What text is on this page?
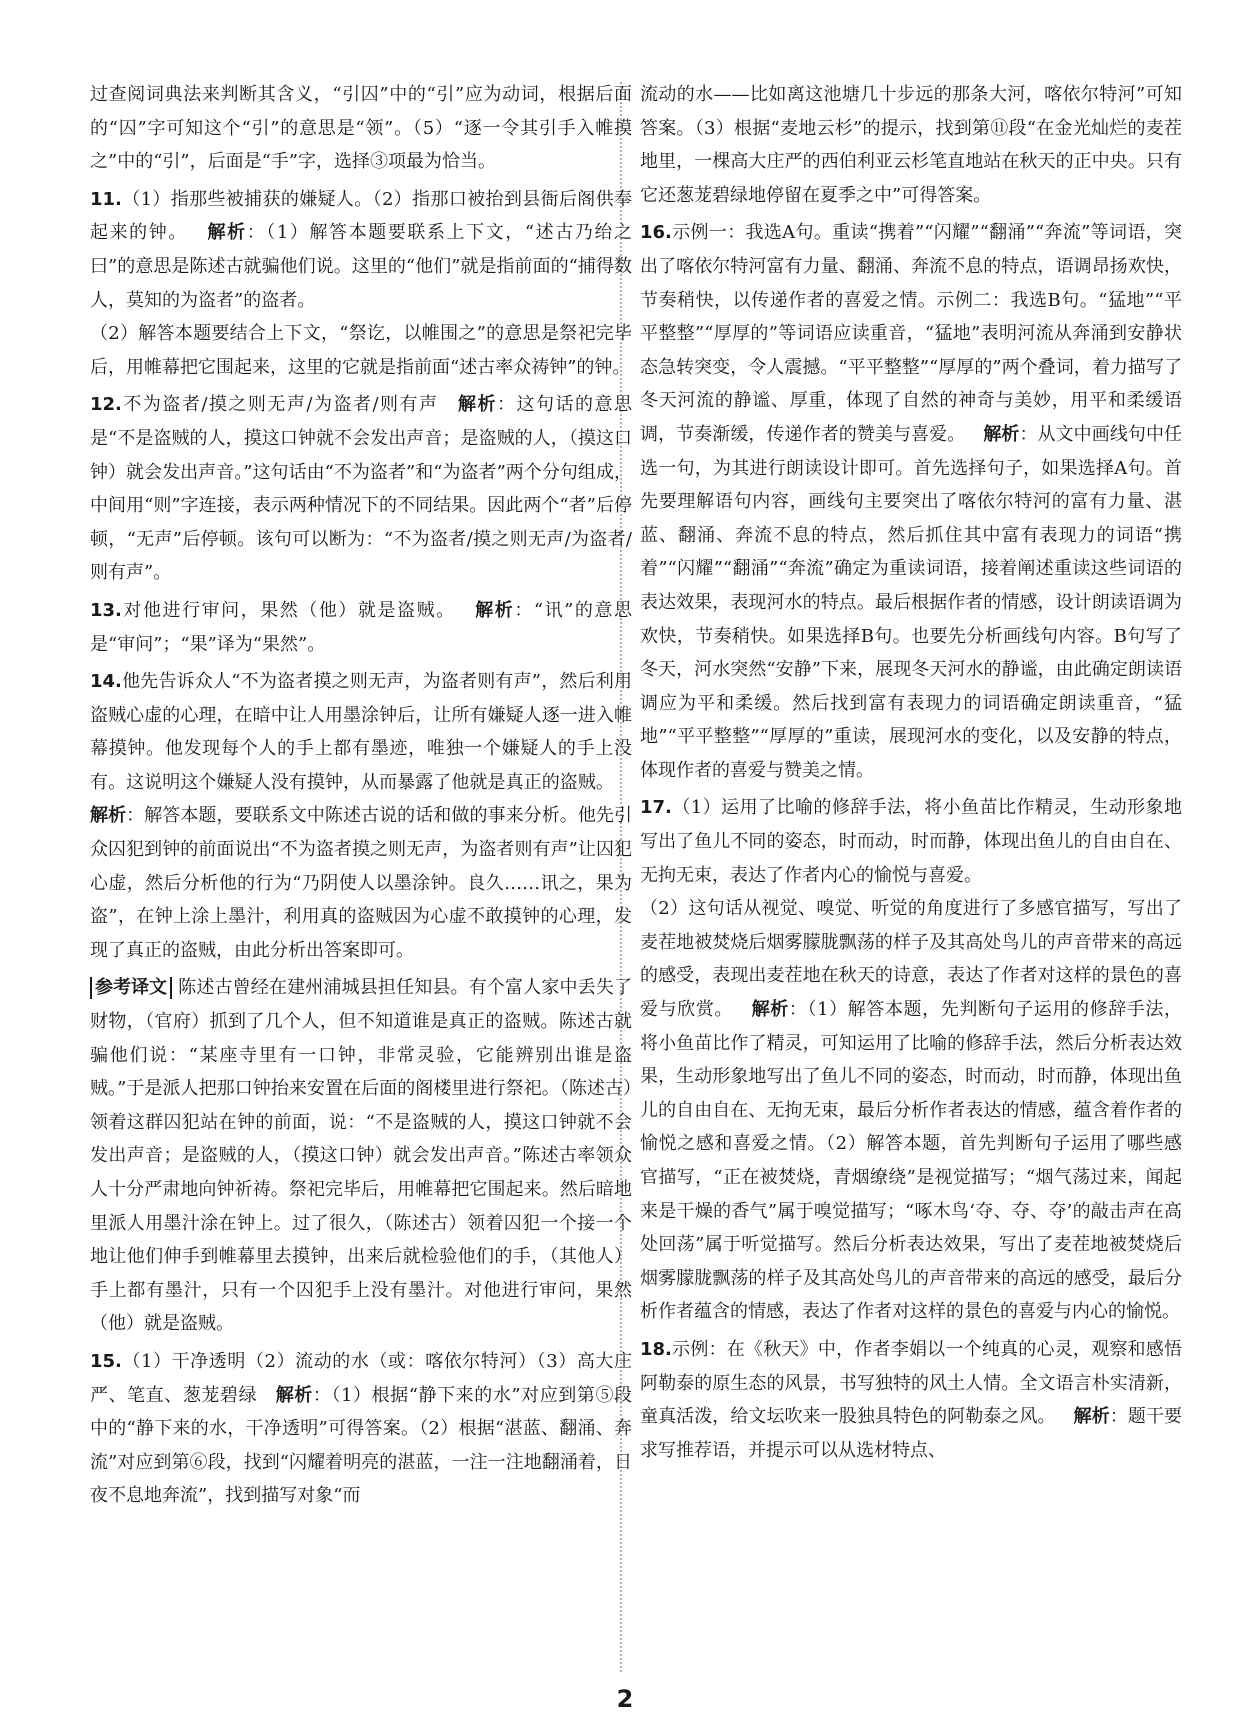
过查阅词典法来判断其含义，“引囚”中的“引”应为动词，根据后面的“囚”字可知这个“引”的意思是“领”。（5）“逐一令其引手入帷摸之”中的“引”，后面是“手”字，选择③项最为恰当。

11.（1）指那些被捕获的嫌疑人。（2）指那口被抬到县衙后阁供奉起来的钟。 解析：（1）解答本题要联系上下文，“述古乃绐之曰”的意思是陈述古就骗他们说。这里的“他们”就是指前面的“捕得数人，莫知的为盗者”的盗者。

（2）解答本题要结合上下文，“祭讫，以帷围之”的意思是祭祀完毕后，用帷幕把它围起来，这里的它就是指前面“述古率众祷钟”的钟。

12.不为盗者/摸之则无声/为盗者/则有声 解析：这句话的意思是“不是盗贼的人，摸这口钟就不会发出声音；是盗贼的人，（摸这口钟）就会发出声音。”这句话由“不为盗者”和“为盗者”两个分句组成，中间用“则”字连接，表示两种情况下的不同结果。因此两个“者”后停顿，“无声”后停顿。该句可以断为：“不为盗者/摸之则无声/为盗者/则有声”。

13.对他进行审问，果然（他）就是盗贼。 解析：“讯”的意思是“审问”；“果”译为“果然”。

14.他先告诉众人“不为盗者摸之则无声，为盗者则有声”，然后利用盗贼心虚的心理，在暗中让人用墨涂钟后，让所有嫌疑人逐一进入帷幕摸钟。他发现每个人的手上都有墨迹，唯独一个嫌疑人的手上没有。这说明这个嫌疑人没有摸钟，从而暴露了他就是真正的盗贼。解析：解答本题，要联系文中陈述古说的话和做的事来分析。他先引众囚犯到钟的前面说出“不为盗者摸之则无声，为盗者则有声”让囚犯心虚，然后分析他的行为“乃阴使人以墨涂钟。良久……讯之，果为盗”，在钟上涂上墨汁，利用真的盗贼因为心虚不敢摸钟的心理，发现了真正的盗贼，由此分析出答案即可。

参考译文 陈述古曾经在建州浦城县担任知县。有个富人家中丢失了财物，（官府）抓到了几个人，但不知道谁是真正的盗贼。陈述古就骗他们说：“某座寺里有一口钟，非常灵验，它能辨别出谁是盗贼。”于是派人把那口钟抬来安置在后面的阁楼里进行祭祀。（陈述古）领着这群囚犯站在钟的前面，说：“不是盗贼的人，摸这口钟就不会发出声音；是盗贼的人，（摸这口钟）就会发出声音。”陈述古率领众人十分严肃地向钟祈祷。祭祀完毕后，用帷幕把它围起来。然后暗地里派人用墨汁涂在钟上。过了很久，（陈述古）领着囚犯一个接一个地让他们伸手到帷幕里去摸钟，出来后就检验他们的手，（其他人）手上都有墨汁，只有一个囚犯手上没有墨汁。对他进行审问，果然（他）就是盗贼。

15.（1）干净透明（2）流动的水（或：喀依尔特河）（3）高大庄严、笔直、葱茏碧绿 解析：（1）根据“静下来的水”对应到第⑤段中的“静下来的水，干净透明”可得答案。（2）根据“湛蓝、翻涌、奔流”对应到第⑥段，找到“闪耀着明亮的湛蓝，一注一注地翻涌着，日夜不息地奔流”，找到描写对象“而

流动的水——比如离这池塘几十步远的那条大河，喀依尔特河”可知答案。（3）根据“麦地云杉”的提示，找到第⑪段“在金光灿烂的麦茬地里，一棵高大庄严的西伯利亚云杉笔直地站在秋天的正中央。只有它还葱茏碧绿地停留在夏季之中”可得答案。

16.示例一：我选A句。重读“携着”“闪耀”“翻涌”“奔流”等词语，突出了喀依尔特河富有力量、翻涌、奔流不息的特点，语调昂扬欢快，节奏稍快，以传递作者的喜爱之情。示例二：我选B句。“猛地”“平平整整”“厚厚的”等词语应读重音，“猛地”表明河流从奔涌到安静状态急转突变，令人震撼。“平平整整”“厚厚的”两个叠词，着力描写了冬天河流的静谧、厚重，体现了自然的神奇与美妙，用平和柔缓语调，节奏渐缓，传递作者的赞美与喜爱。 解析：从文中画线句中任选一句，为其进行朗读设计即可。首先选择句子，如果选择A句。首先要理解语句内容，画线句主要突出了喀依尔特河的富有力量、湛蓝、翻涌、奔流不息的特点，然后抓住其中富有表现力的词语“携着”“闪耀”“翻涌”“奔流”确定为重读词语，接着阐述重读这些词语的表达效果，表现河水的特点。最后根据作者的情感，设计朗读语调为欢快，节奏稍快。如果选择B句。也要先分析画线句内容。B句写了冬天，河水突然“安静”下来，展现冬天河水的静谧，由此确定朗读语调应为平和柔缓。然后找到富有表现力的词语确定朗读重音，“猛地”“平平整整”“厚厚的”重读，展现河水的变化，以及安静的特点，体现作者的喜爱与赞美之情。

17.（1）运用了比喻的修辞手法，将小鱼苗比作精灵，生动形象地写出了鱼儿不同的姿态，时而动，时而静，体现出鱼儿的自由自在、无拘无束，表达了作者内心的愉悦与喜爱。

（2）这句话从视觉、嗅觉、听觉的角度进行了多感官描写，写出了麦茬地被焚烧后烟雾朦胧飘荡的样子及其高处鸟儿的声音带来的高远的感受，表现出麦茬地在秋天的诗意，表达了作者对这样的景色的喜爱与欣赏。 解析：（1）解答本题，先判断句子运用的修辞手法，将小鱼苗比作了精灵，可知运用了比喻的修辞手法，然后分析表达效果，生动形象地写出了鱼儿不同的姿态，时而动，时而静，体现出鱼儿的自由自在、无拘无束，最后分析作者表达的情感，蕴含着作者的愉悦之感和喜爱之情。（2）解答本题，首先判断句子运用了哪些感官描写，“正在被焚烧，青烟缭绕”是视觉描写；“烟气荡过来，闻起来是干燥的香气”属于嗅觉描写；“啄木鸟‘夺、夺、夺’的敲击声在高处回荡”属于听觉描写。然后分析表达效果，写出了麦茬地被焚烧后烟雾朦胧飘荡的样子及其高处鸟儿的声音带来的高远的感受，最后分析作者蕴含的情感，表达了作者对这样的景色的喜爱与内心的愉悦。

18.示例：在《秋天》中，作者李娟以一个纯真的心灵，观察和感悟阿勒泰的原生态的风景，书写独特的风土人情。全文语言朴实清新，童真活泼，给文坛吹来一股独具特色的阿勒泰之风。 解析：题干要求写推荐语，并提示可以从选材特点、

2
